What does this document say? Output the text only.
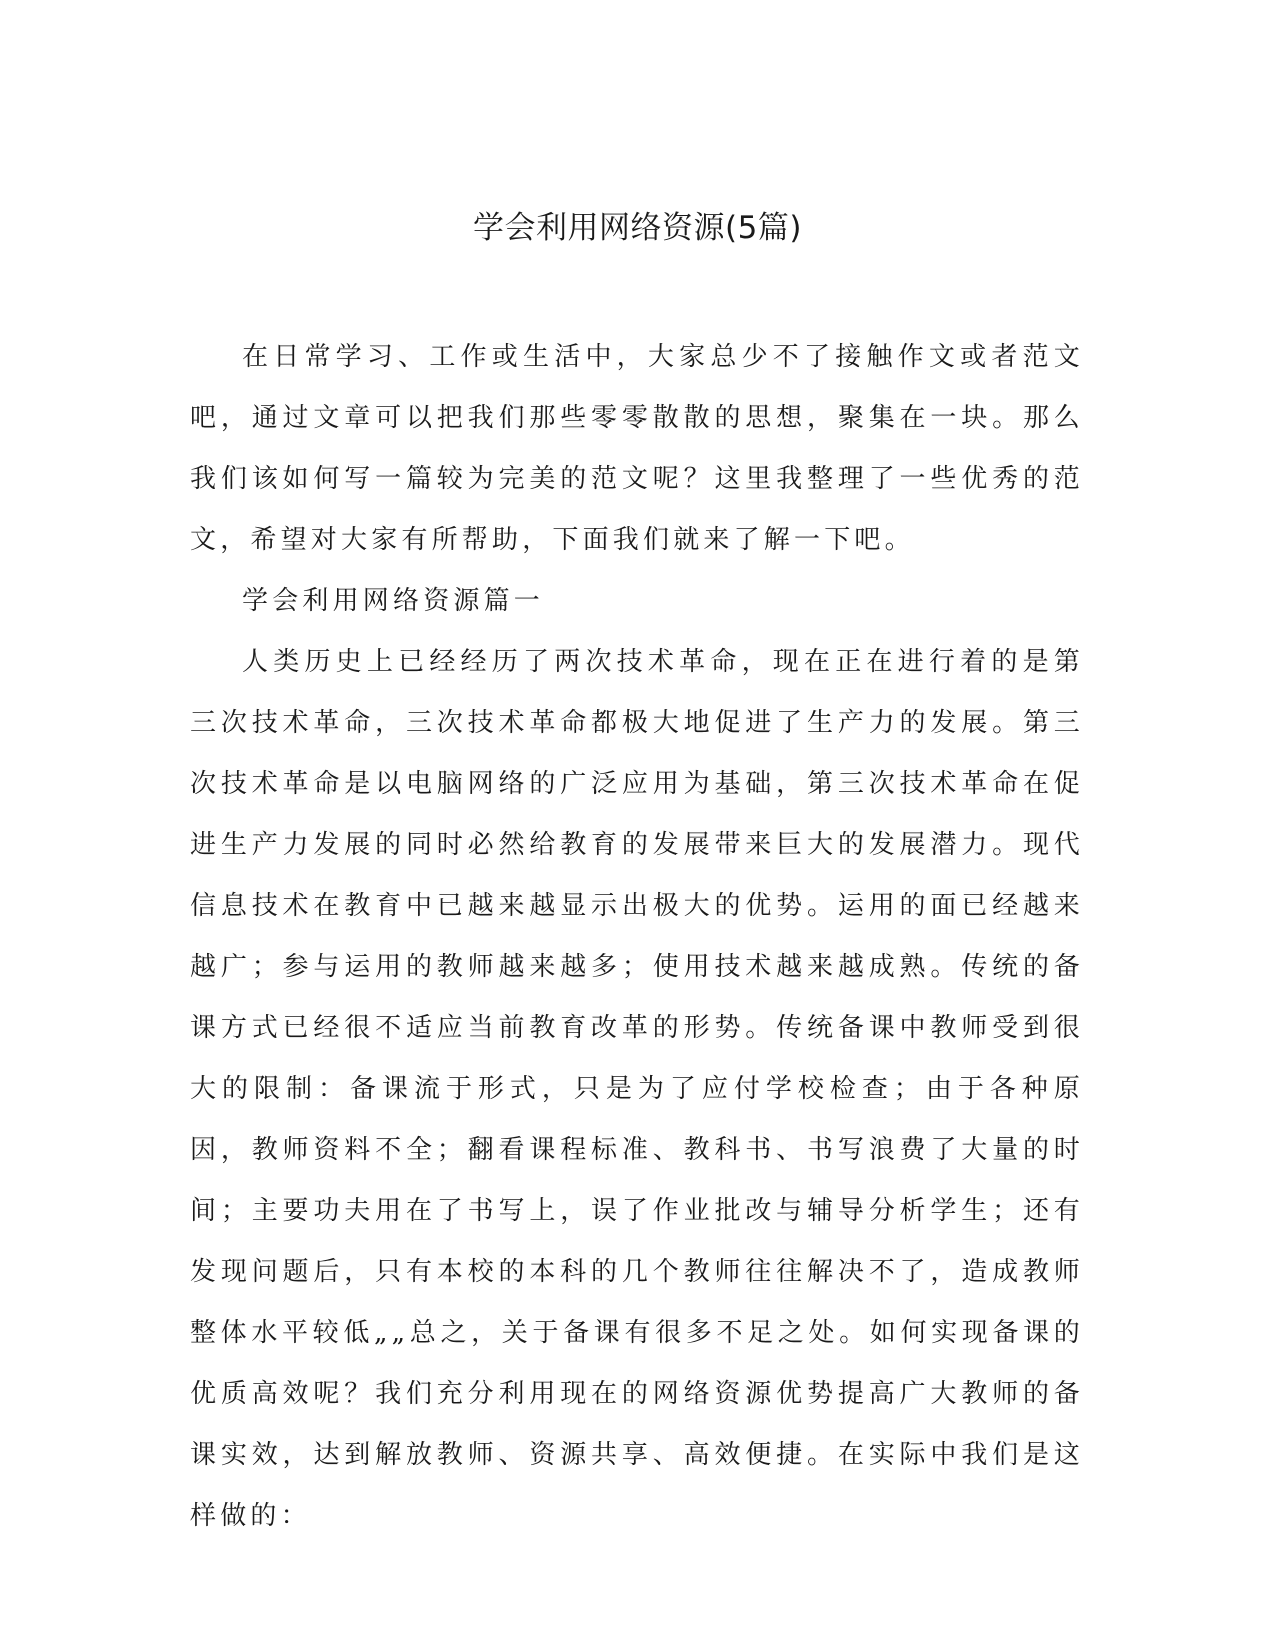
学会利用网络资源(5篇)

在日常学习、工作或生活中，大家总少不了接触作文或者范文吧，通过文章可以把我们那些零零散散的思想，聚集在一块。那么我们该如何写一篇较为完美的范文呢？这里我整理了一些优秀的范文，希望对大家有所帮助，下面我们就来了解一下吧。

学会利用网络资源篇一

人类历史上已经经历了两次技术革命，现在正在进行着的是第三次技术革命，三次技术革命都极大地促进了生产力的发展。第三次技术革命是以电脑网络的广泛应用为基础，第三次技术革命在促进生产力发展的同时必然给教育的发展带来巨大的发展潜力。现代信息技术在教育中已越来越显示出极大的优势。运用的面已经越来越广；参与运用的教师越来越多；使用技术越来越成熟。传统的备课方式已经很不适应当前教育改革的形势。传统备课中教师受到很大的限制：备课流于形式，只是为了应付学校检查；由于各种原因，教师资料不全；翻看课程标准、教科书、书写浪费了大量的时间；主要功夫用在了书写上，误了作业批改与辅导分析学生；还有发现问题后，只有本校的本科的几个教师往往解决不了，造成教师整体水平较低„„总之，关于备课有很多不足之处。如何实现备课的优质高效呢？我们充分利用现在的网络资源优势提高广大教师的备课实效，达到解放教师、资源共享、高效便捷。在实际中我们是这样做的：
